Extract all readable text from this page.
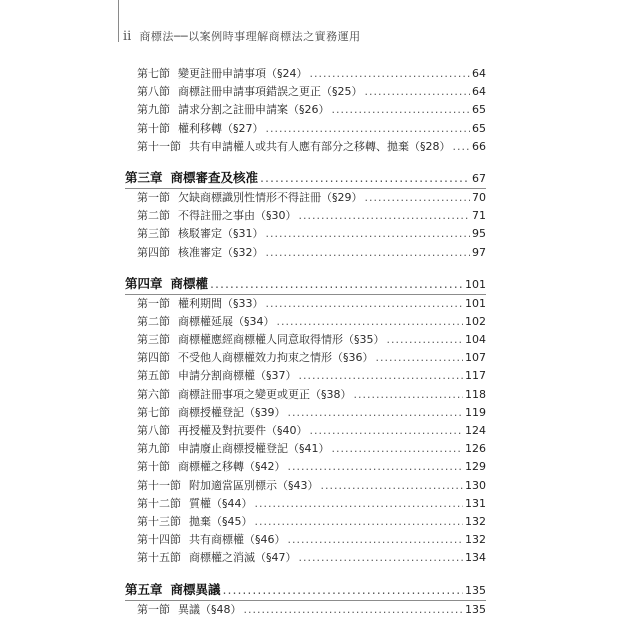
ii 商標法──以案例時事理解商標法之實務運用
第七節 變更註冊申請事項（§24） .....	64
第八節 商標註冊申請事項錯誤之更正（§25） .....	64
第九節 請求分割之註冊申請案（§26） .....	65
第十節 權利移轉（§27） .....	65
第十一節 共有申請權人或共有人應有部分之移轉、拋棄（§28） ..... 66
第三章 商標審查及核准 .....	67
第一節 欠缺商標識別性情形不得註冊（§29） .....	70
第二節 不得註冊之事由（§30） .....	71
第三節 核駁審定（§31） .....	95
第四節 核准審定（§32） .....	97
第四章 商標權 .....	101
第一節 權利期間（§33） .....	101
第二節 商標權延展（§34） .....	102
第三節 商標權應經商標權人同意取得情形（§35） .....	104
第四節 不受他人商標權效力拘束之情形（§36） .....	107
第五節 申請分割商標權（§37） .....	117
第六節 商標註冊事項之變更或更正（§38） .....	118
第七節 商標授權登記（§39） .....	119
第八節 再授權及對抗要件（§40） .....	124
第九節 申請廢止商標授權登記（§41） .....	126
第十節 商標權之移轉（§42） .....	129
第十一節 附加適當區別標示（§43） .....	130
第十二節 質權（§44） .....	131
第十三節 拋棄（§45） .....	132
第十四節 共有商標權（§46） .....	132
第十五節 商標權之消滅（§47） .....	134
第五章 商標異議 .....	135
第一節 異議（§48） .....	135
